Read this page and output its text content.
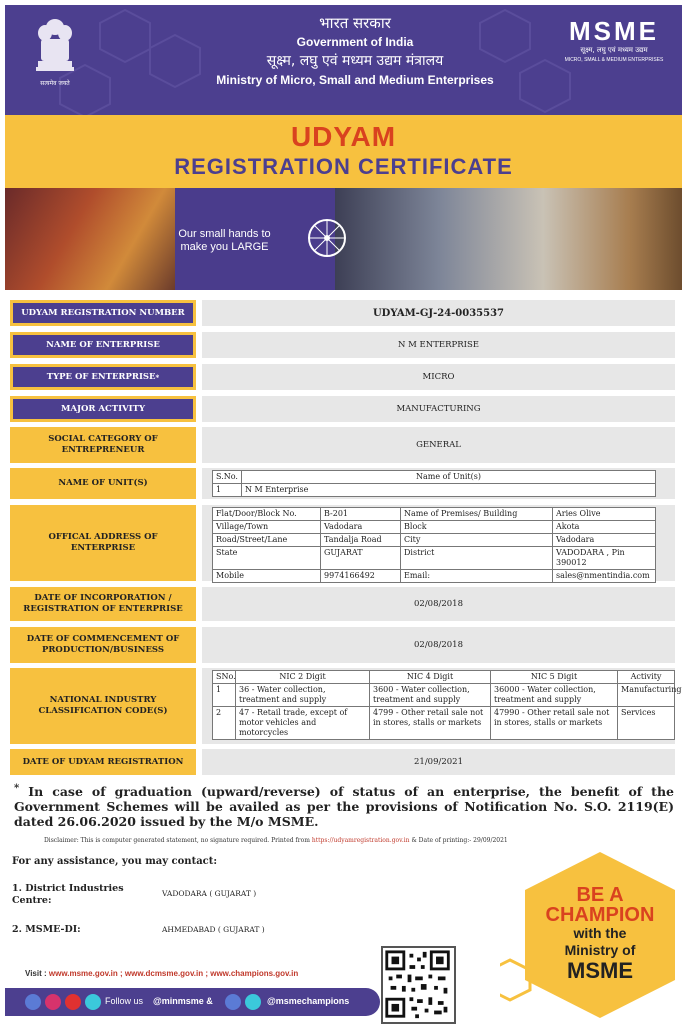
सत्यमेव जयते
भारत सरकार
Government of India
सूक्ष्म, लघु एवं मध्यम उद्यम मंत्रालय
Ministry of Micro, Small and Medium Enterprises
MSME
सूक्ष्म, लघु एवं मध्यम उद्यम
MICRO, SMALL & MEDIUM ENTERPRISES
UDYAM
REGISTRATION CERTIFICATE
Our small hands to make you LARGE
UDYAM REGISTRATION NUMBER	UDYAM-GJ-24-0035537
NAME OF ENTERPRISE	N M ENTERPRISE
TYPE OF ENTERPRISE *	MICRO
MAJOR ACTIVITY	MANUFACTURING
SOCIAL CATEGORY OF ENTREPRENEUR	GENERAL
NAME OF UNIT(S)
S.No.	Name of Unit(s)
1	N M Enterprise
OFFICAL ADDRESS OF ENTERPRISE
Flat/Door/Block No.	B-201	Name of Premises/ Building	Aries Olive
Village/Town	Vadodara	Block	Akota
Road/Street/Lane	Tandalja Road	City	Vadodara
State	GUJARAT	District	VADODARA , Pin 390012
Mobile	9974166492	Email:	sales@nmentindia.com
DATE OF INCORPORATION / REGISTRATION OF ENTERPRISE	02/08/2018
DATE OF COMMENCEMENT OF PRODUCTION/BUSINESS	02/08/2018
NATIONAL INDUSTRY CLASSIFICATION CODE(S)
SNo.	NIC 2 Digit	NIC 4 Digit	NIC 5 Digit	Activity
1	36 - Water collection, treatment and supply	3600 - Water collection, treatment and supply	36000 - Water collection, treatment and supply	Manufacturing
2	47 - Retail trade, except of motor vehicles and motorcycles	4799 - Other retail sale not in stores, stalls or markets	47990 - Other retail sale not in stores, stalls or markets	Services
DATE OF UDYAM REGISTRATION	21/09/2021
* In case of graduation (upward/reverse) of status of an enterprise, the benefit of the Government Schemes will be availed as per the provisions of Notification No. S.O. 2119(E) dated 26.06.2020 issued by the M/o MSME.
Disclaimer: This is computer generated statement, no signature required. Printed from https://udyamregistration.gov.in & Date of printing:- 29/09/2021
For any assistance, you may contact:
1. District Industries Centre:
VADODARA ( GUJARAT )
2. MSME-DI:	AHMEDABAD ( GUJARAT )
BE A
CHAMPION
with the
Ministry of
MSME
Visit : www.msme.gov.in ; www.dcmsme.gov.in ; www.champions.gov.in
Follow us @minmsme &	@msmechampions
